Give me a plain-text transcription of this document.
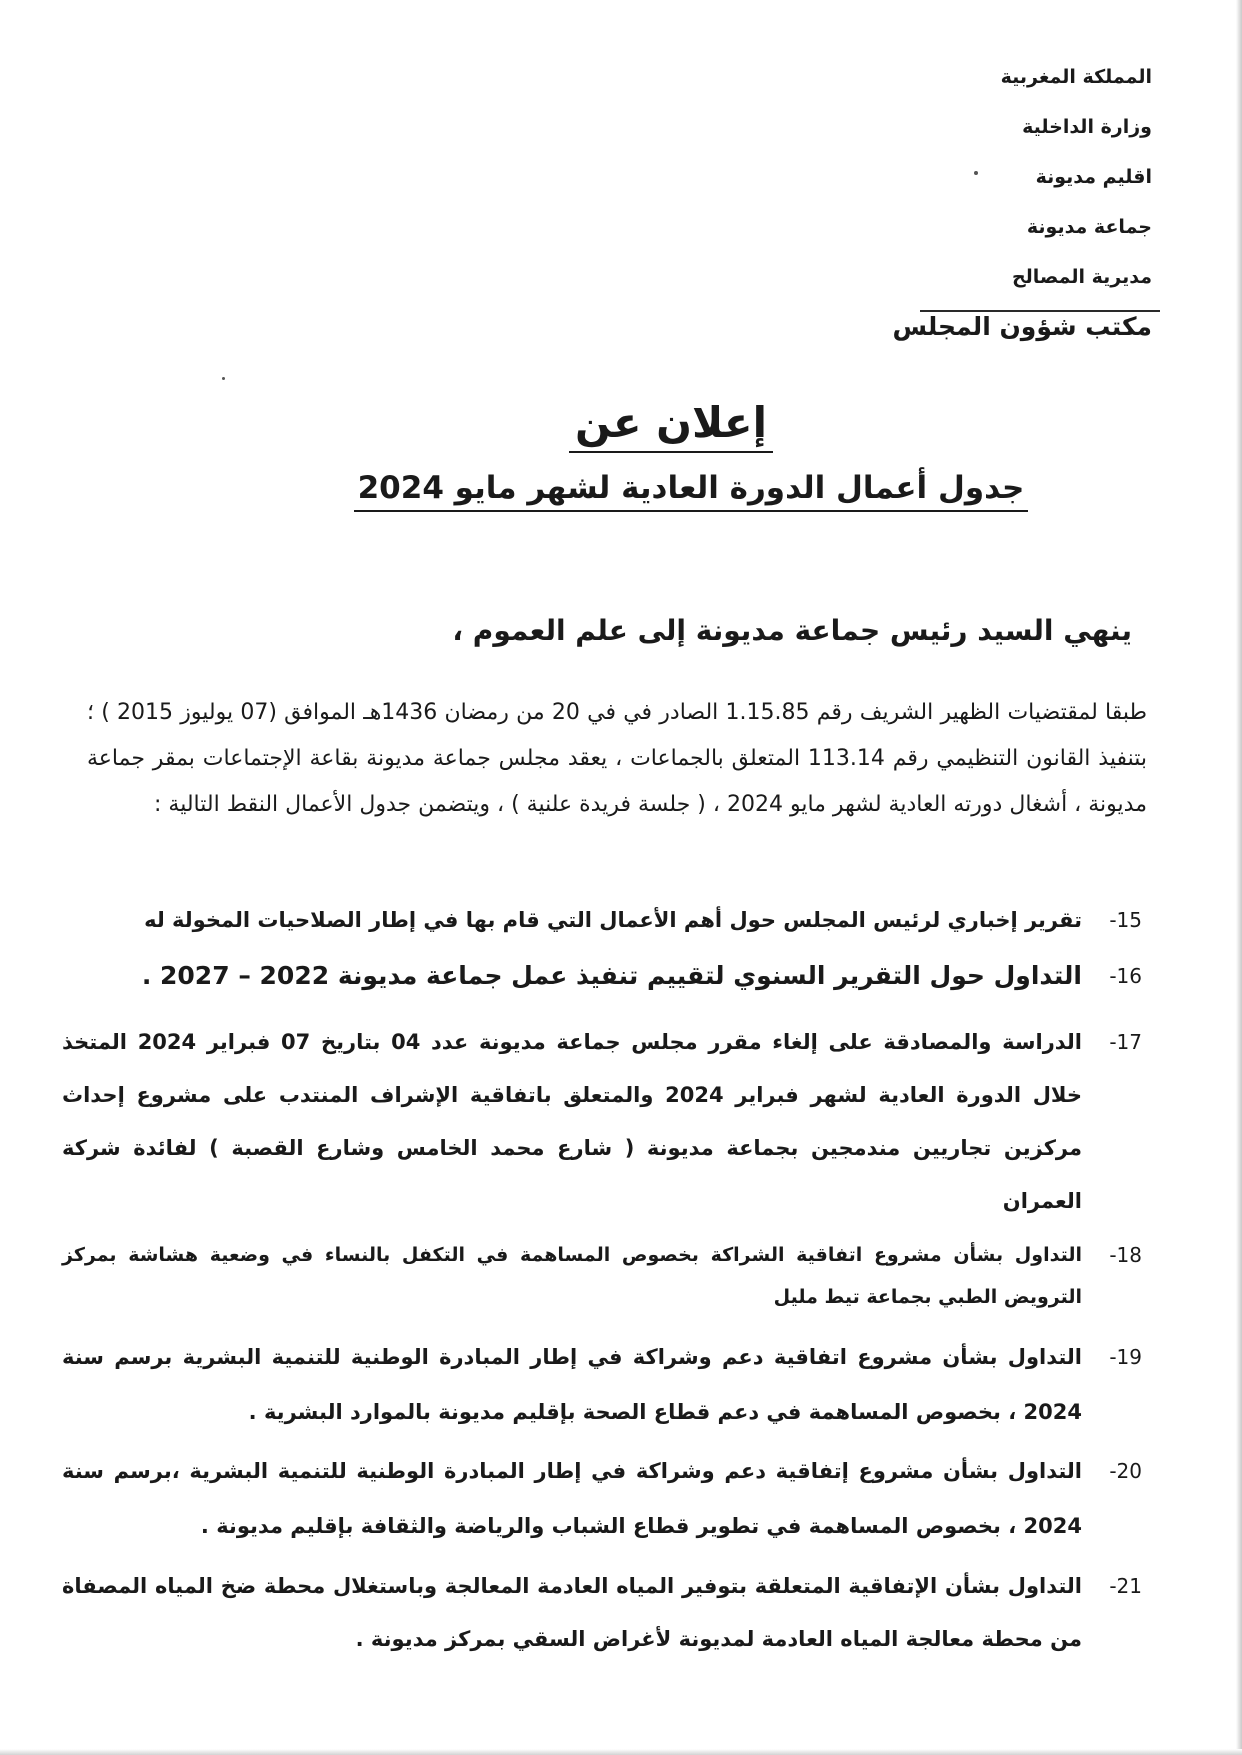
المملكة المغربية
وزارة الداخلية
اقليم مديونة
جماعة مديونة
مديرية المصالح
مكتب شؤون المجلس
إعلان عن
جدول أعمال الدورة العادية لشهر مايو 2024
ينهي السيد رئيس جماعة مديونة إلى علم العموم ،

طبقا لمقتضيات الظهير الشريف رقم 1.15.85 الصادر في في 20 من رمضان 1436هـ الموافق (07 يوليوز 2015 ) ؛بتنفيذ القانون التنظيمي رقم 113.14 المتعلق بالجماعات ، يعقد مجلس جماعة مديونة بقاعة الإجتماعات بمقر جماعة مديونة ، أشغال دورته العادية لشهر مايو 2024 ، ( جلسة فريدة علنية ) ، ويتضمن جدول الأعمال النقط التالية :

-15
تقرير إخباري لرئيس المجلس حول أهم الأعمال التي قام بها في إطار الصلاحيات المخولة له
-16
التداول حول التقرير السنوي لتقييم تنفيذ عمل جماعة مديونة 2022 – 2027 .
-17
الدراسة والمصادقة على إلغاء مقرر مجلس جماعة مديونة عدد 04 بتاريخ 07 فبراير 2024 المتخذ خلال الدورة العادية لشهر فبراير 2024 والمتعلق باتفاقية الإشراف المنتدب على مشروع إحداث مركزين تجاريين مندمجين بجماعة مديونة ( شارع محمد الخامس وشارع القصبة ) لفائدة شركة العمران
-18
التداول بشأن مشروع اتفاقية الشراكة بخصوص المساهمة في التكفل بالنساء في وضعية هشاشة بمركز الترويض الطبي بجماعة تيط مليل
-19
التداول بشأن مشروع اتفاقية دعم وشراكة في إطار المبادرة الوطنية للتنمية البشرية برسم سنة 2024 ، بخصوص المساهمة في دعم قطاع الصحة بإقليم مديونة بالموارد البشرية .
-20
التداول بشأن مشروع إتفاقية دعم وشراكة في إطار المبادرة الوطنية للتنمية البشرية ،برسم سنة 2024 ، بخصوص المساهمة في تطوير قطاع الشباب والرياضة والثقافة بإقليم مديونة .
-21
التداول بشأن الإتفاقية المتعلقة بتوفير المياه العادمة المعالجة وباستغلال محطة ضخ المياه المصفاة من محطة معالجة المياه العادمة لمديونة لأغراض السقي بمركز مديونة .
